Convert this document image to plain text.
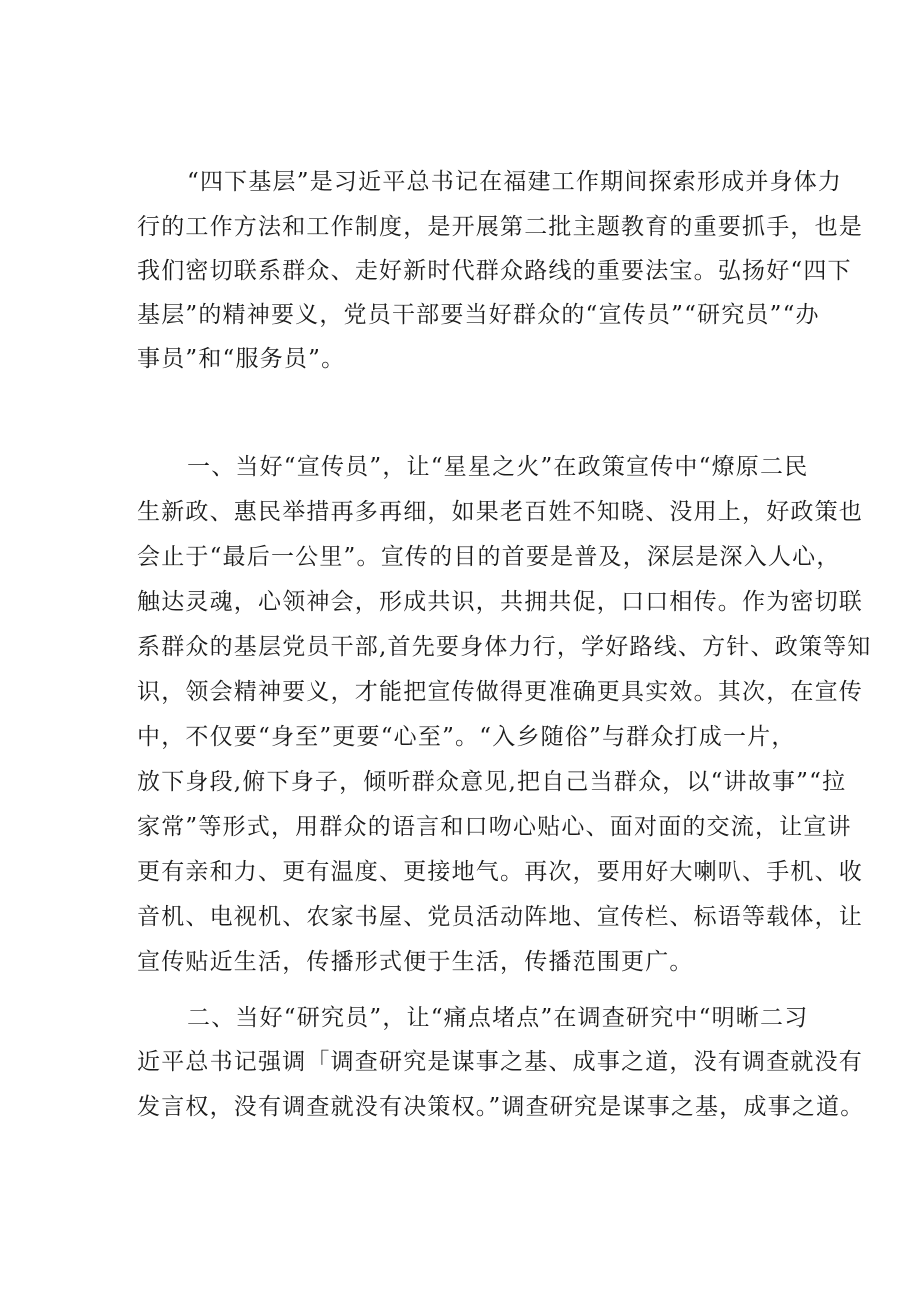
“四下基层”是习近平总书记在福建工作期间探索形成并身体力
行的工作方法和工作制度，是开展第二批主题教育的重要抓手，也是
我们密切联系群众、走好新时代群众路线的重要法宝。弘扬好“四下
基层”的精神要义，党员干部要当好群众的“宣传员”“研究员”“办
事员”和“服务员”。
一、当好“宣传员”，让“星星之火”在政策宣传中“燎原二民
生新政、惠民举措再多再细，如果老百姓不知晓、没用上，好政策也
会止于“最后一公里”。宣传的目的首要是普及，深层是深入人心，
触达灵魂，心领神会，形成共识，共拥共促，口口相传。作为密切联
系群众的基层党员干部,首先要身体力行，学好路线、方针、政策等知
识，领会精神要义，才能把宣传做得更准确更具实效。其次，在宣传
中，不仅要“身至”更要“心至”。“入乡随俗”与群众打成一片，
放下身段,俯下身子，倾听群众意见,把自己当群众，以“讲故事”“拉
家常”等形式，用群众的语言和口吻心贴心、面对面的交流，让宣讲
更有亲和力、更有温度、更接地气。再次，要用好大喇叭、手机、收
音机、电视机、农家书屋、党员活动阵地、宣传栏、标语等载体，让
宣传贴近生活，传播形式便于生活，传播范围更广。
二、当好“研究员”，让“痛点堵点”在调查研究中“明晰二习
近平总书记强调「调查研究是谋事之基、成事之道，没有调查就没有
发言权，没有调查就没有决策权。”调查研究是谋事之基，成事之道。
